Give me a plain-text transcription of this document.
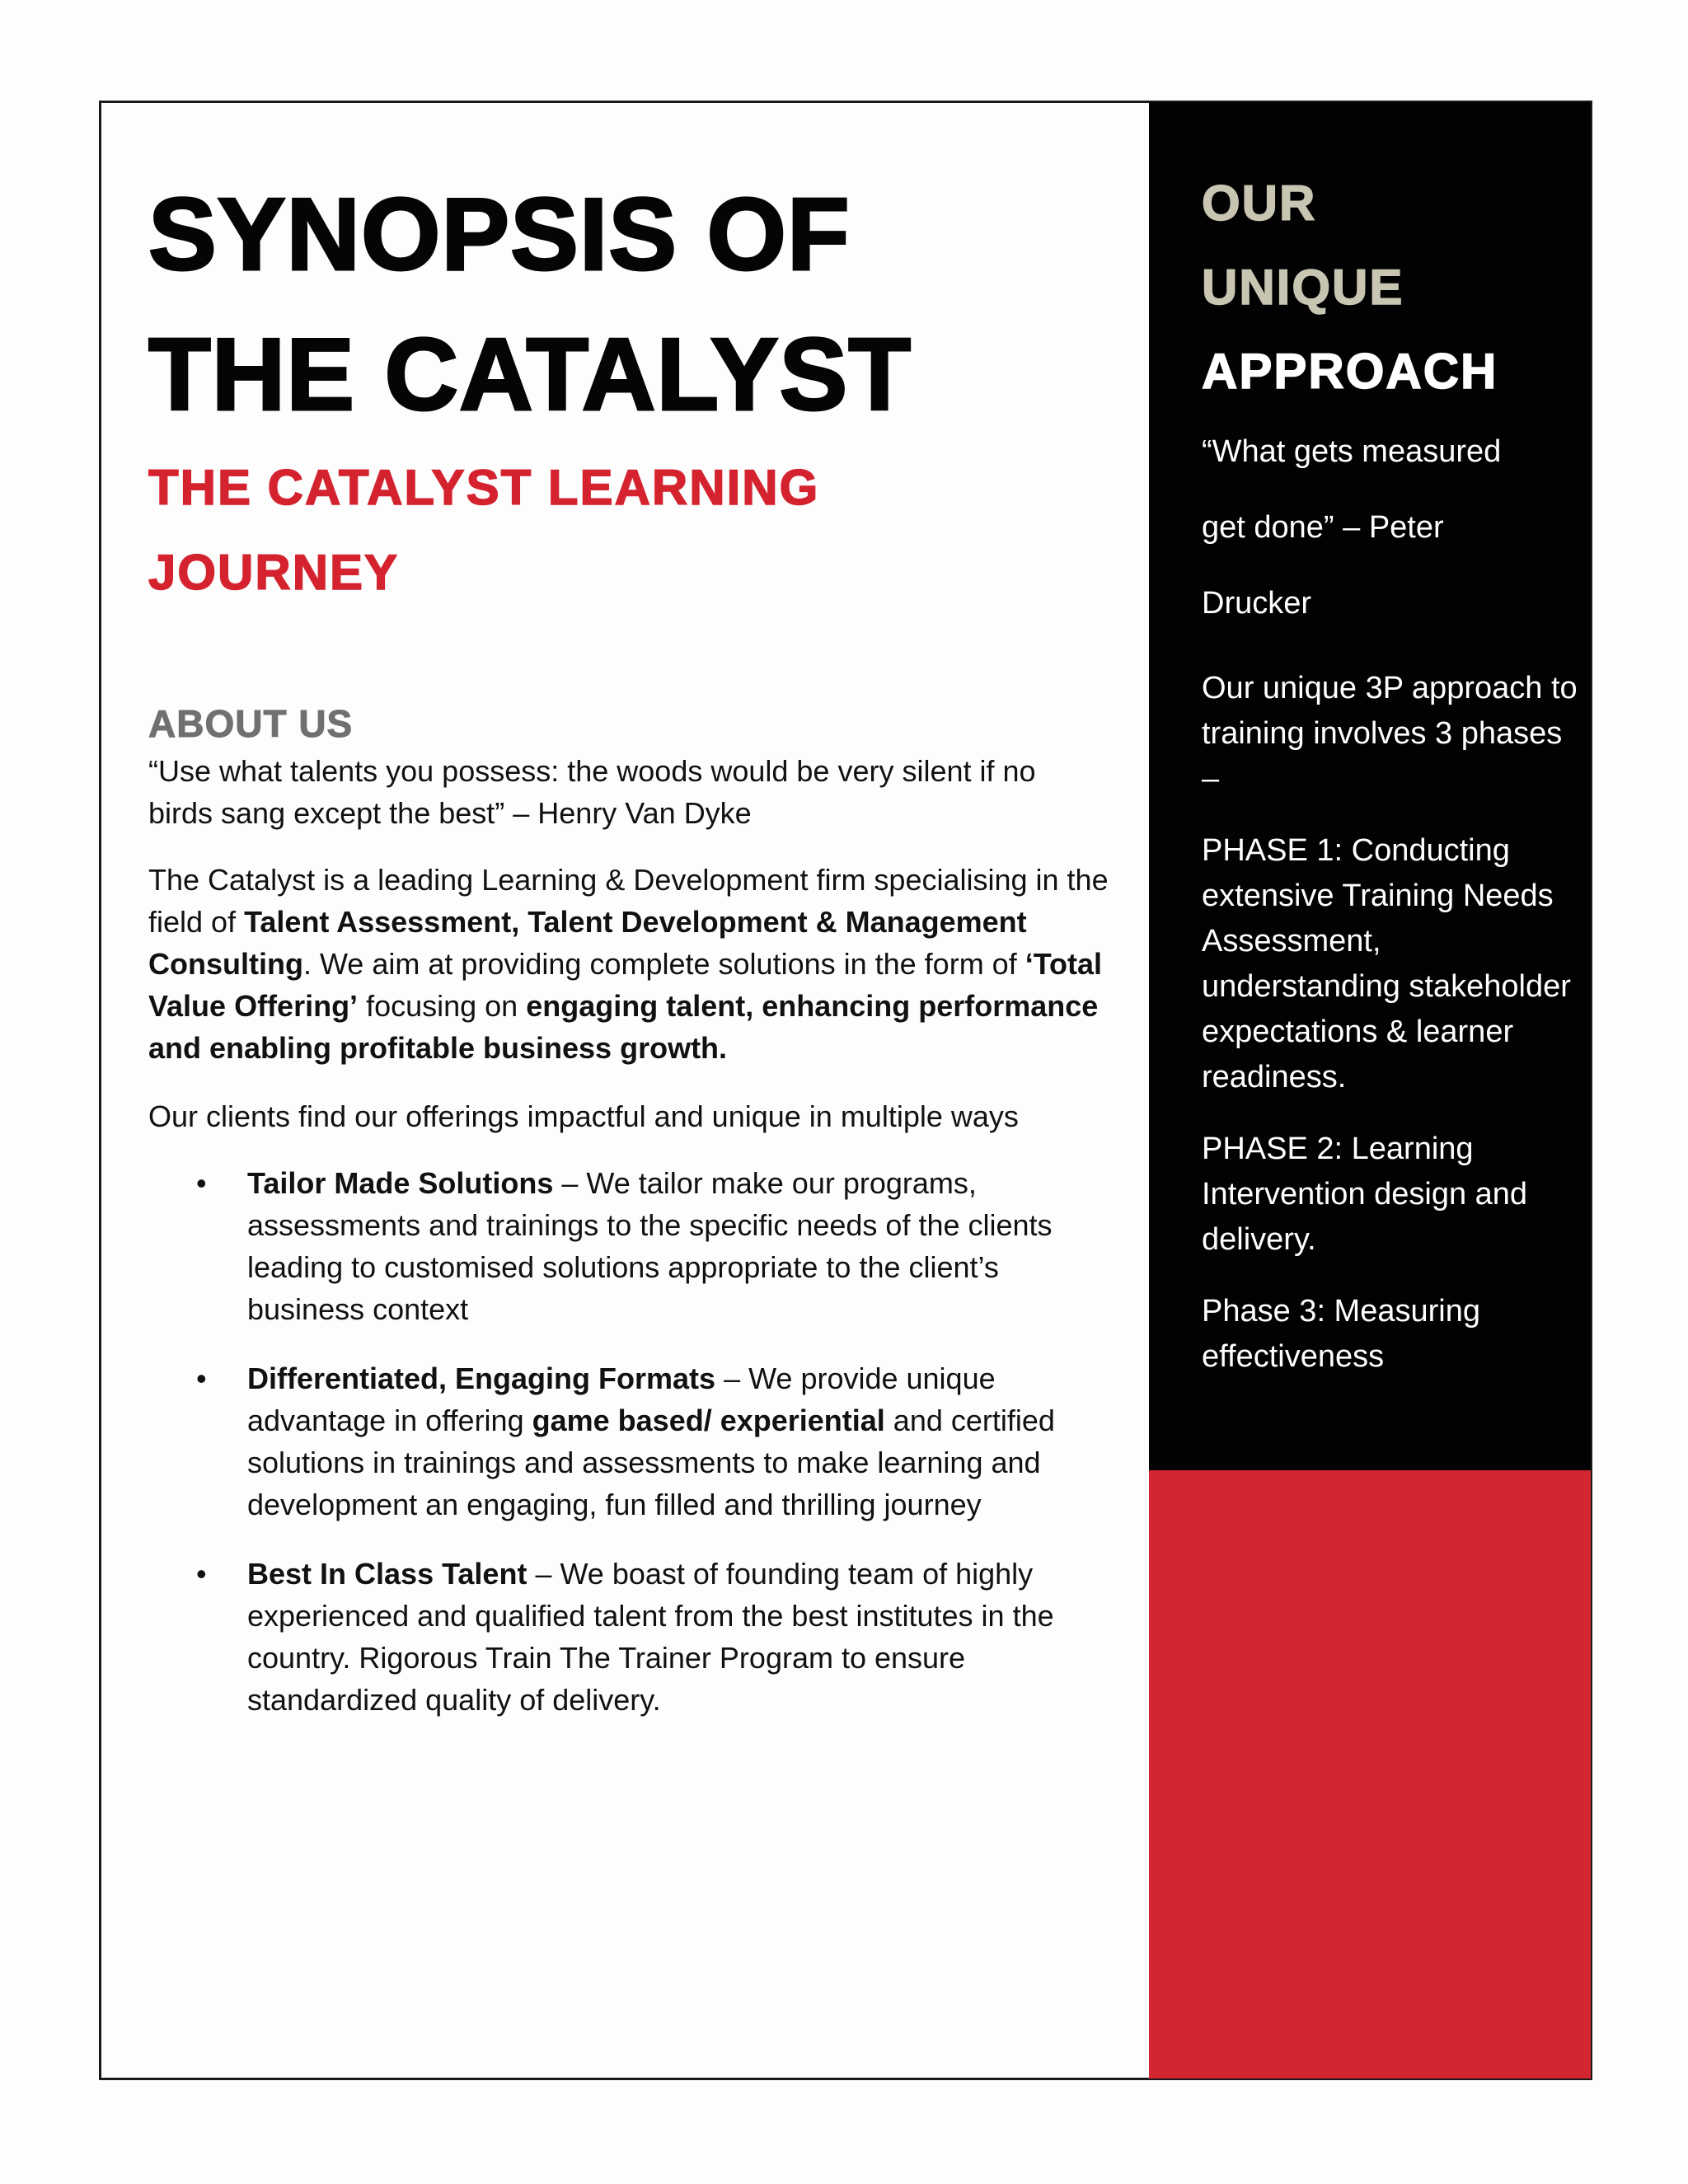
SYNOPSIS OF
THE CATALYST
THE CATALYST LEARNING
JOURNEY
ABOUT US

“Use what talents you possess: the woods would be very silent if no
birds sang except the best” – Henry Van Dyke

The Catalyst is a leading Learning & Development firm specialising in the field of Talent Assessment, Talent Development & Management Consulting. We aim at providing complete solutions in the form of ‘Total Value Offering’ focusing on engaging talent, enhancing performance and enabling profitable business growth.

Our clients find our offerings impactful and unique in multiple ways

• Tailor Made Solutions – We tailor make our programs, assessments and trainings to the specific needs of the clients leading to customised solutions appropriate to the client’s business context
• Differentiated, Engaging Formats – We provide unique advantage in offering game based/ experiential and certified solutions in trainings and assessments to make learning and development an engaging, fun filled and thrilling journey
• Best In Class Talent – We boast of founding team of highly experienced and qualified talent from the best institutes in the country. Rigorous Train The Trainer Program to ensure standardized quality of delivery.
OUR
UNIQUE
APPROACH
“What gets measured
get done” – Peter
Drucker

Our unique 3P approach to training involves 3 phases –

PHASE 1: Conducting extensive Training Needs Assessment, understanding stakeholder expectations & learner readiness.

PHASE 2: Learning Intervention design and delivery.

Phase 3: Measuring effectiveness
